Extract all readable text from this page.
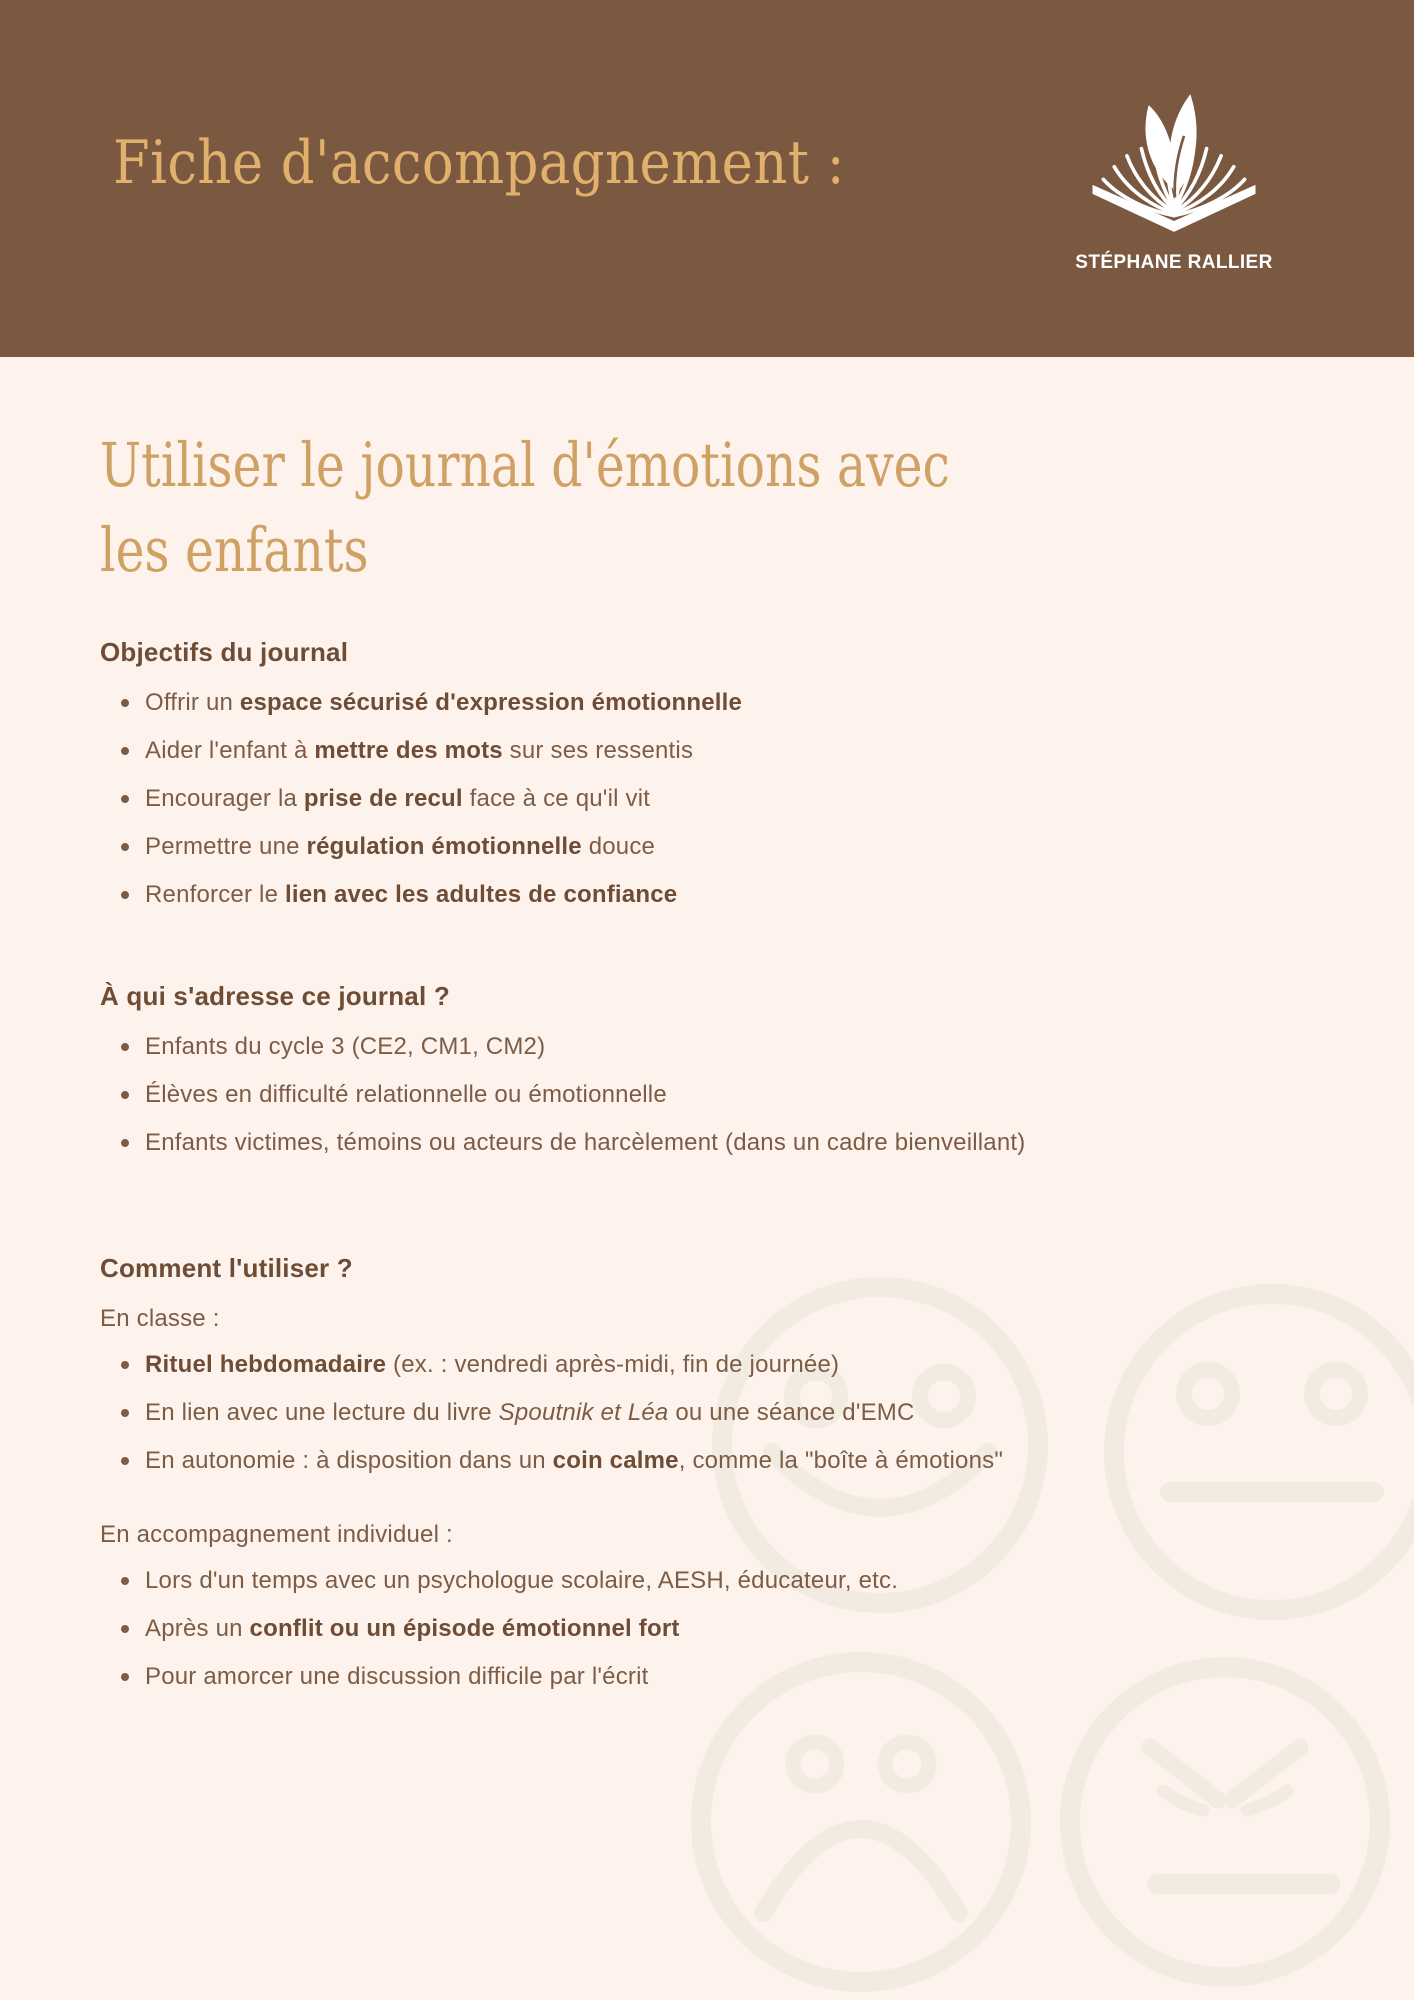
Fiche d'accompagnement :
STÉPHANE RALLIER
Utiliser le journal d'émotions avec
les enfants
Objectifs du journal
Offrir un espace sécurisé d'expression émotionnelle
Aider l'enfant à mettre des mots sur ses ressentis
Encourager la prise de recul face à ce qu'il vit
Permettre une régulation émotionnelle douce
Renforcer le lien avec les adultes de confiance
À qui s'adresse ce journal ?
Enfants du cycle 3 (CE2, CM1, CM2)
Élèves en difficulté relationnelle ou émotionnelle
Enfants victimes, témoins ou acteurs de harcèlement (dans un cadre bienveillant)
Comment l'utiliser ?

En classe :

Rituel hebdomadaire (ex. : vendredi après-midi, fin de journée)
En lien avec une lecture du livre Spoutnik et Léa ou une séance d'EMC
En autonomie : à disposition dans un coin calme, comme la "boîte à émotions"

En accompagnement individuel :

Lors d'un temps avec un psychologue scolaire, AESH, éducateur, etc.
Après un conflit ou un épisode émotionnel fort
Pour amorcer une discussion difficile par l'écrit
